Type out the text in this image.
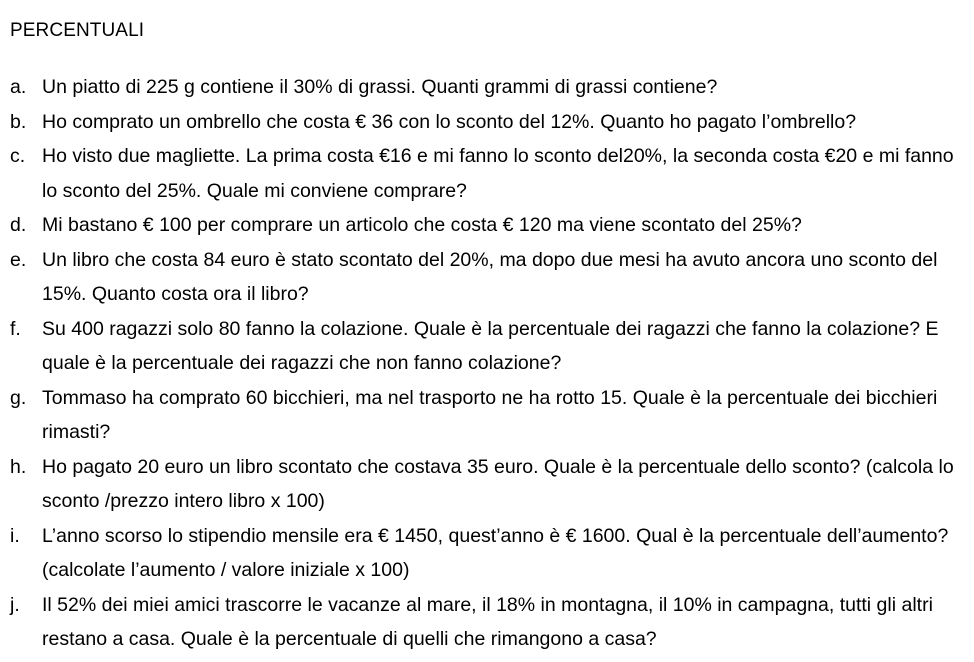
PERCENTUALI
a. Un piatto di 225 g contiene il 30% di grassi. Quanti grammi di grassi contiene?
b. Ho comprato un ombrello che costa € 36 con lo sconto del 12%. Quanto ho pagato l’ombrello?
c. Ho visto due magliette. La prima costa €16 e mi fanno lo sconto del20%, la seconda costa €20 e mi fanno lo sconto del 25%. Quale mi conviene comprare?
d. Mi bastano € 100 per comprare un articolo che costa € 120 ma viene scontato del 25%?
e. Un libro che costa 84 euro è stato scontato del 20%, ma dopo due mesi ha avuto ancora uno sconto del 15%. Quanto costa ora il libro?
f.	Su 400 ragazzi solo 80 fanno la colazione. Quale è la percentuale dei ragazzi che fanno la colazione? E quale è la percentuale dei ragazzi che non fanno colazione?
g. Tommaso ha comprato 60 bicchieri, ma nel trasporto ne ha rotto 15. Quale è la percentuale dei bicchieri rimasti?
h. Ho pagato 20 euro un libro scontato che costava 35 euro. Quale è la percentuale dello sconto? (calcola lo sconto /prezzo intero libro x 100)
i.	L’anno scorso lo stipendio mensile era € 1450, quest’anno è € 1600. Qual è la percentuale dell’aumento? (calcolate l’aumento / valore iniziale x 100)
j.	Il 52% dei miei amici trascorre le vacanze al mare, il 18% in montagna, il 10% in campagna, tutti gli altri restano a casa. Quale è la percentuale di quelli che rimangono a casa?
